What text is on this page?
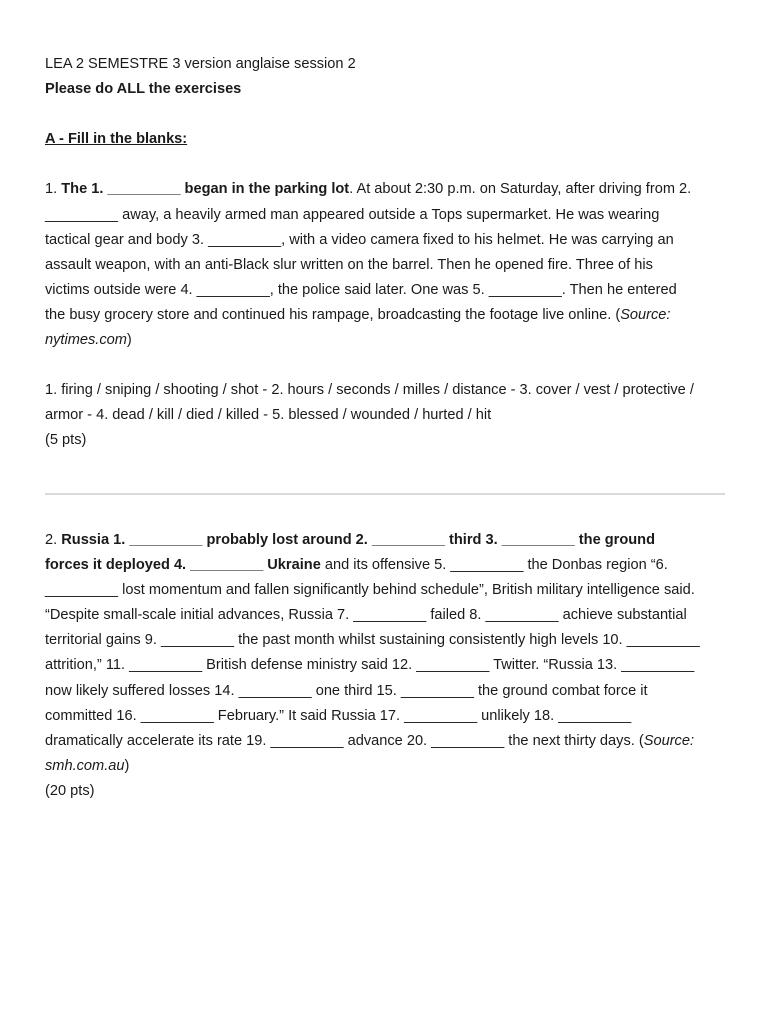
LEA 2 SEMESTRE 3 version anglaise session 2
Please do ALL the exercises
A - Fill in the blanks:
1. The 1. _________ began in the parking lot. At about 2:30 p.m. on Saturday, after driving from 2.
_________ away, a heavily armed man appeared outside a Tops supermarket. He was wearing
tactical gear and body 3. _________, with a video camera fixed to his helmet. He was carrying an
assault weapon, with an anti-Black slur written on the barrel. Then he opened fire. Three of his
victims outside were 4. _________, the police said later. One was 5. _________. Then he entered
the busy grocery store and continued his rampage, broadcasting the footage live online. (Source:
nytimes.com)
1. firing / sniping / shooting / shot - 2. hours / seconds / milles / distance - 3. cover / vest / protective /
armor - 4. dead / kill / died / killed - 5. blessed / wounded / hurted / hit
(5 pts)
2. Russia 1. _________ probably lost around 2. _________ third 3. _________ the ground
forces it deployed 4. _________ Ukraine and its offensive 5. _________ the Donbas region “6.
_________ lost momentum and fallen significantly behind schedule”, British military intelligence said.
“Despite small-scale initial advances, Russia 7. _________ failed 8. _________ achieve substantial
territorial gains 9. _________ the past month whilst sustaining consistently high levels 10. _________
attrition,” 11. _________ British defense ministry said 12. _________ Twitter. “Russia 13. _________
now likely suffered losses 14. _________ one third 15. _________ the ground combat force it
committed 16. _________ February.” It said Russia 17. _________ unlikely 18. _________
dramatically accelerate its rate 19. _________ advance 20. _________ the next thirty days. (Source:
smh.com.au)
(20 pts)
